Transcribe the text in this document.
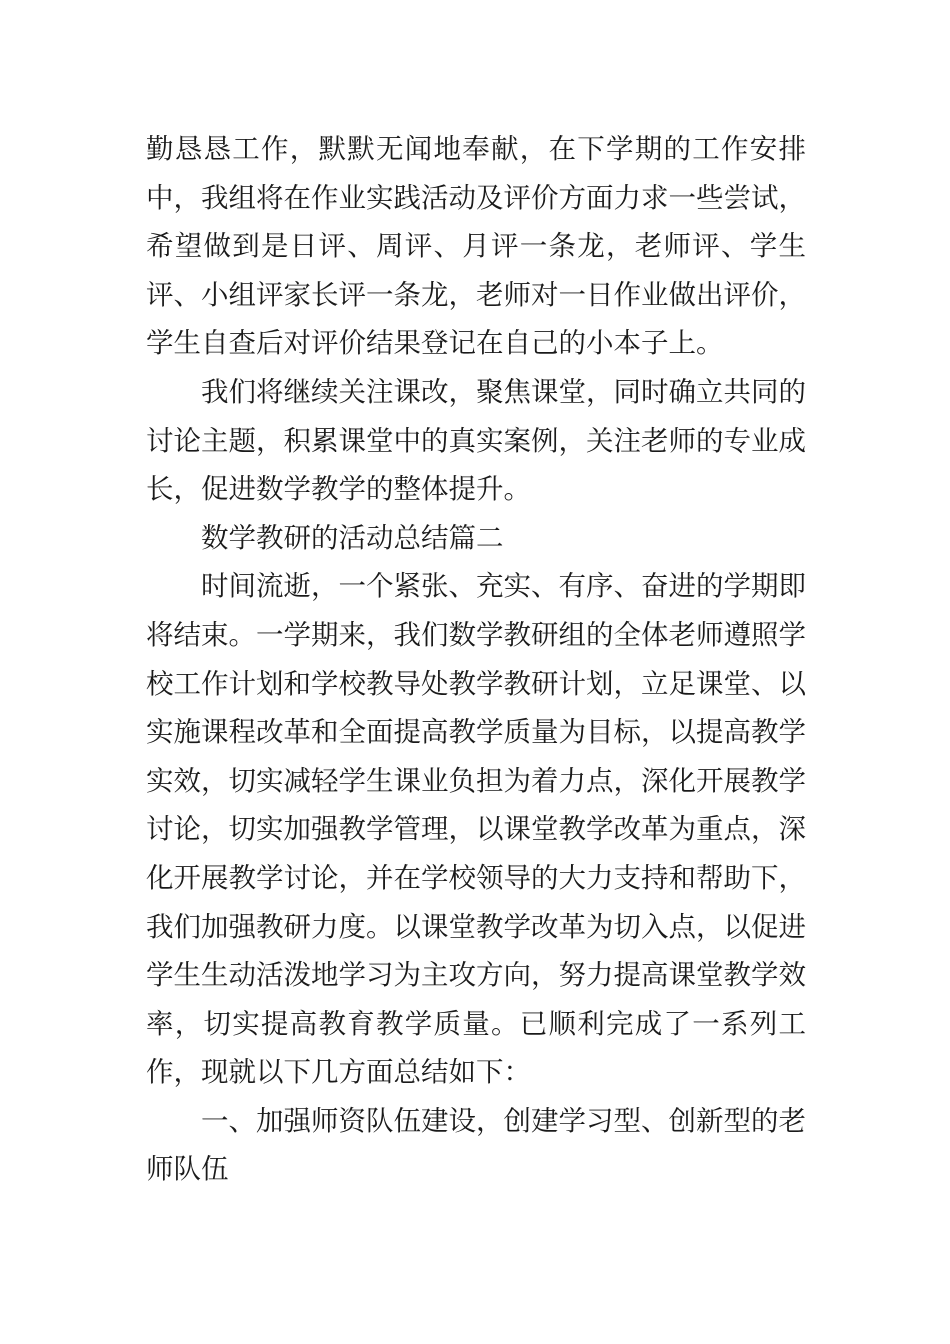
勤恳恳工作，默默无闻地奉献，在下学期的工作安排中，我组将在作业实践活动及评价方面力求一些尝试，希望做到是日评、周评、月评一条龙，老师评、学生评、小组评家长评一条龙，老师对一日作业做出评价，学生自查后对评价结果登记在自己的小本子上。

我们将继续关注课改，聚焦课堂，同时确立共同的讨论主题，积累课堂中的真实案例，关注老师的专业成长，促进数学教学的整体提升。

数学教研的活动总结篇二

时间流逝，一个紧张、充实、有序、奋进的学期即将结束。一学期来，我们数学教研组的全体老师遵照学校工作计划和学校教导处教学教研计划，立足课堂、以实施课程改革和全面提高教学质量为目标，以提高教学实效，切实减轻学生课业负担为着力点，深化开展教学讨论，切实加强教学管理，以课堂教学改革为重点，深化开展教学讨论，并在学校领导的大力支持和帮助下，我们加强教研力度。以课堂教学改革为切入点，以促进学生生动活泼地学习为主攻方向，努力提高课堂教学效率，切实提高教育教学质量。已顺利完成了一系列工作，现就以下几方面总结如下：

一、加强师资队伍建设，创建学习型、创新型的老师队伍
